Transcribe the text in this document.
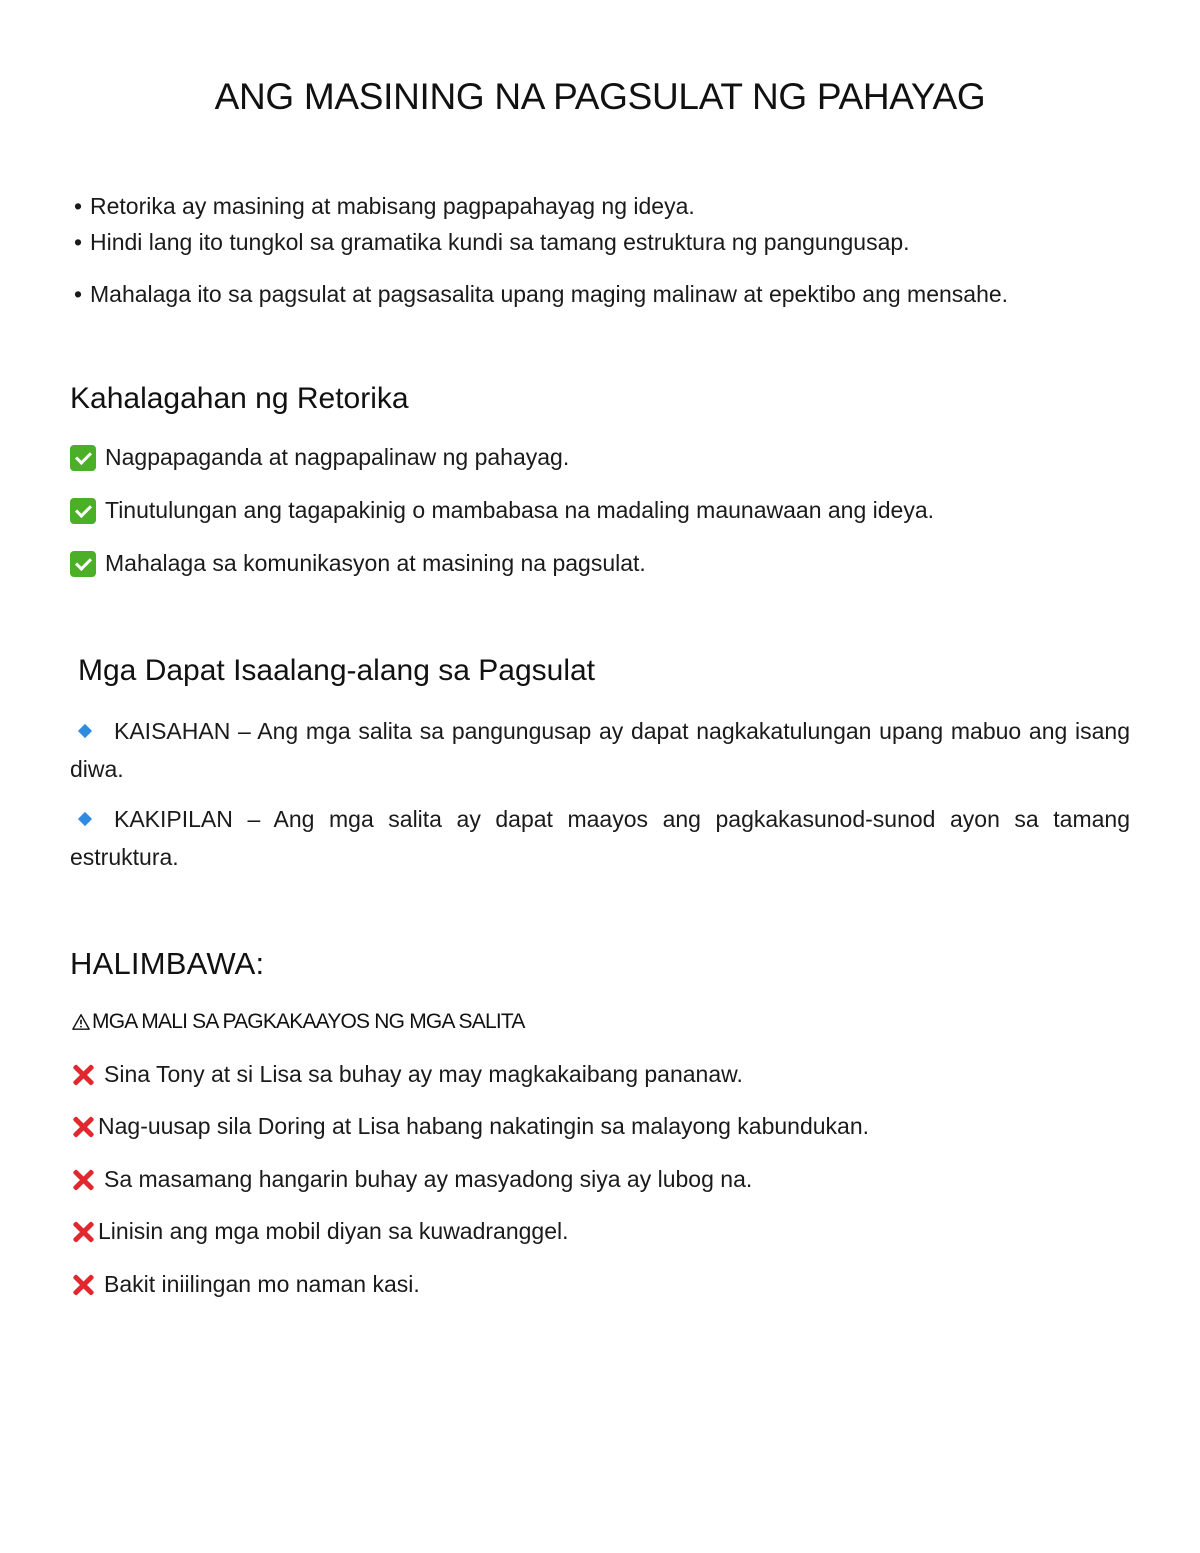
ANG MASINING NA PAGSULAT NG PAHAYAG
• Retorika ay masining at mabisang pagpapahayag ng ideya.
• Hindi lang ito tungkol sa gramatika kundi sa tamang estruktura ng pangungusap.
• Mahalaga ito sa pagsulat at pagsasalita upang maging malinaw at epektibo ang mensahe.
Kahalagahan ng Retorika
Nagpapaganda at nagpapalinaw ng pahayag.
Tinutulungan ang tagapakinig o mambabasa na madaling maunawaan ang ideya.
Mahalaga sa komunikasyon at masining na pagsulat.
Mga Dapat Isaalang-alang sa Pagsulat
KAISAHAN – Ang mga salita sa pangungusap ay dapat nagkakatulungan upang mabuo ang isang diwa.
KAKIPILAN – Ang mga salita ay dapat maayos ang pagkakasunod-sunod ayon sa tamang estruktura.
HALIMBAWA:
MGA MALI SA PAGKAKAAYOS NG MGA SALITA
Sina Tony at si Lisa sa buhay ay may magkakaibang pananaw.
Nag-uusap sila Doring at Lisa habang nakatingin sa malayong kabundukan.
Sa masamang hangarin buhay ay masyadong siya ay lubog na.
Linisin ang mga mobil diyan sa kuwadranggel.
Bakit iniilingan mo naman kasi.
